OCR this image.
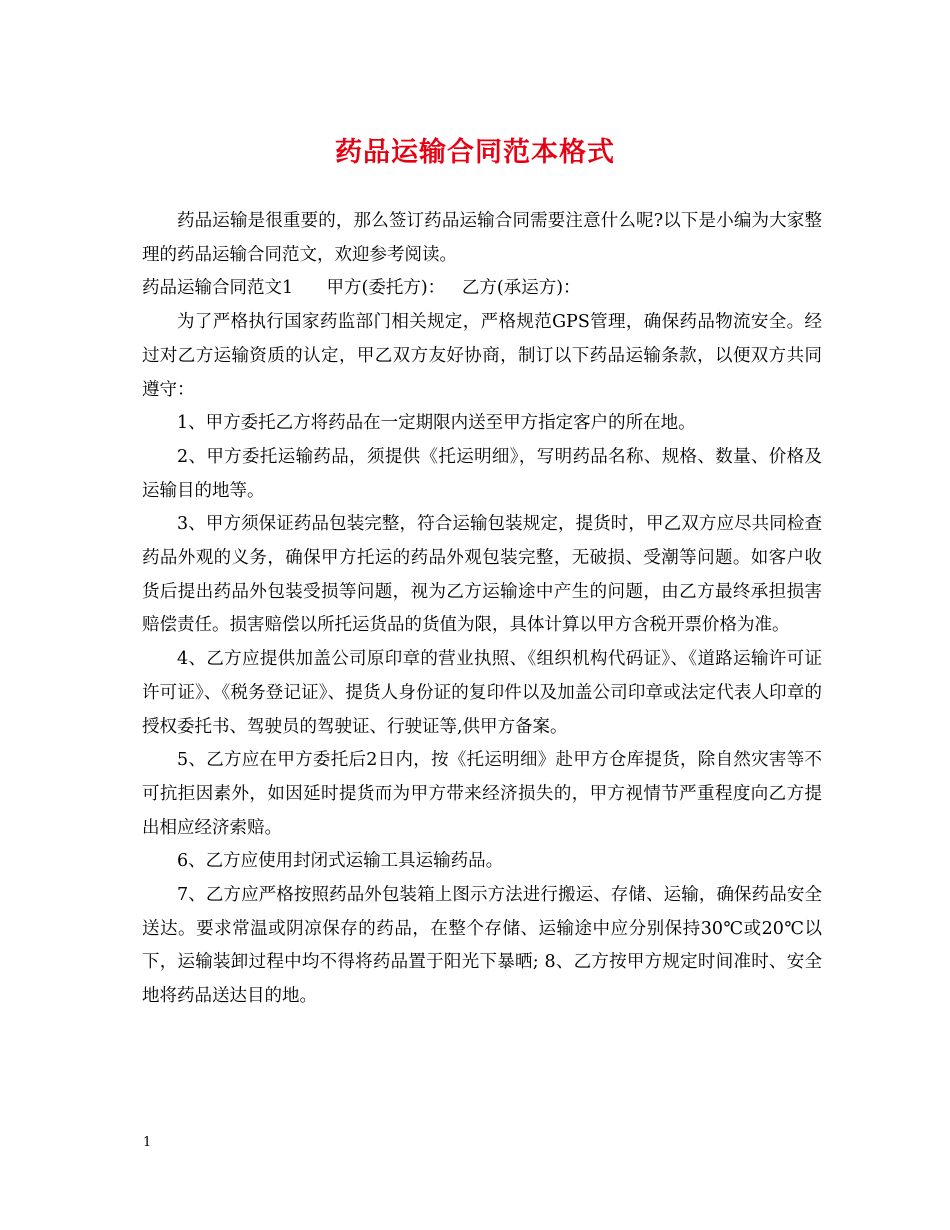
药品运输合同范本格式

药品运输是很重要的，那么签订药品运输合同需要注意什么呢?以下是小编为大家整理的药品运输合同范文，欢迎参考阅读。

药品运输合同范文1 甲方(委托方)： 乙方(承运方)：

为了严格执行国家药监部门相关规定，严格规范GPS管理，确保药品物流安全。经过对乙方运输资质的认定，甲乙双方友好协商，制订以下药品运输条款，以便双方共同遵守：

1、甲方委托乙方将药品在一定期限内送至甲方指定客户的所在地。

2、甲方委托运输药品，须提供《托运明细》，写明药品名称、规格、数量、价格及运输目的地等。

3、甲方须保证药品包装完整，符合运输包装规定，提货时，甲乙双方应尽共同检查药品外观的义务，确保甲方托运的药品外观包装完整，无破损、受潮等问题。如客户收货后提出药品外包装受损等问题，视为乙方运输途中产生的问题，由乙方最终承担损害赔偿责任。损害赔偿以所托运货品的货值为限，具体计算以甲方含税开票价格为准。

4、乙方应提供加盖公司原印章的营业执照、《组织机构代码证》、《道路运输许可证许可证》、《税务登记证》、提货人身份证的复印件以及加盖公司印章或法定代表人印章的授权委托书、驾驶员的驾驶证、行驶证等,供甲方备案。

5、乙方应在甲方委托后2日内，按《托运明细》赴甲方仓库提货，除自然灾害等不可抗拒因素外，如因延时提货而为甲方带来经济损失的，甲方视情节严重程度向乙方提出相应经济索赔。

6、乙方应使用封闭式运输工具运输药品。

7、乙方应严格按照药品外包装箱上图示方法进行搬运、存储、运输，确保药品安全送达。要求常温或阴凉保存的药品，在整个存储、运输途中应分别保持30℃或20℃以下，运输装卸过程中均不得将药品置于阳光下暴晒; 8、乙方按甲方规定时间准时、安全地将药品送达目的地。

1
